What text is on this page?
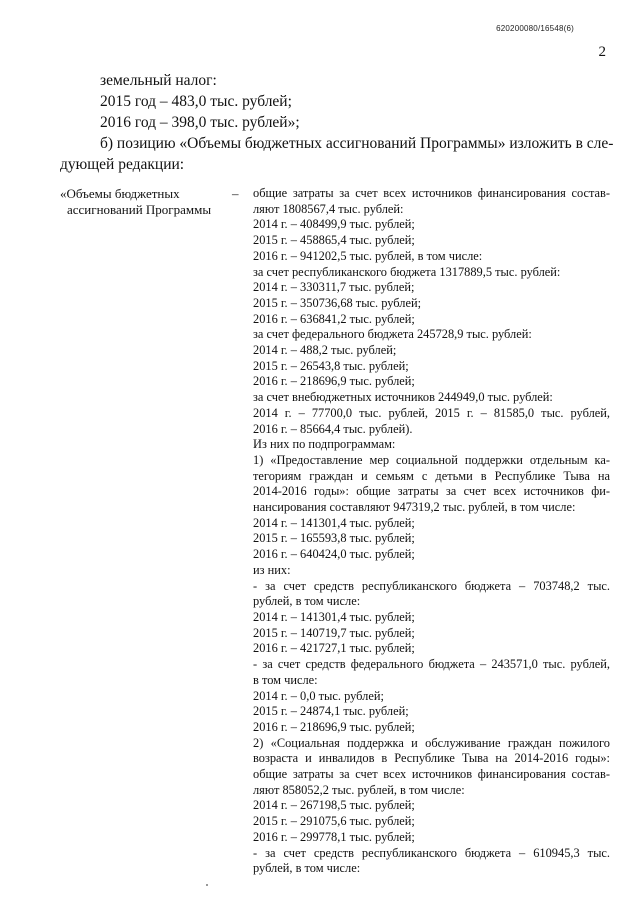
620200080/16548(6)
2
земельный налог:
2015 год – 483,0 тыс. рублей;
2016 год – 398,0 тыс. рублей»;
б) позицию «Объемы бюджетных ассигнований Программы» изложить в сле-
дующей редакции:
«Объемы бюджетных
ассигнований Программы
– общие затраты за счет всех источников финансирования состав-
ляют 1808567,4 тыс. рублей:
2014 г. – 408499,9 тыс. рублей;
2015 г. – 458865,4 тыс. рублей;
2016 г. – 941202,5 тыс. рублей, в том числе:
за счет республиканского бюджета 1317889,5 тыс. рублей:
2014 г. – 330311,7 тыс. рублей;
2015 г. – 350736,68 тыс. рублей;
2016 г. – 636841,2 тыс. рублей;
за счет федерального бюджета 245728,9 тыс. рублей:
2014 г. – 488,2 тыс. рублей;
2015 г. – 26543,8 тыс. рублей;
2016 г. – 218696,9 тыс. рублей;
за счет внебюджетных источников 244949,0 тыс. рублей:
2014 г. – 77700,0 тыс. рублей, 2015 г. – 81585,0 тыс. рублей,
2016 г. – 85664,4 тыс. рублей).
Из них по подпрограммам:
1) «Предоставление мер социальной поддержки отдельным ка-
тегориям граждан и семьям с детьми в Республике Тыва на
2014-2016 годы»: общие затраты за счет всех источников фи-
нансирования составляют 947319,2 тыс. рублей, в том числе:
2014 г. – 141301,4 тыс. рублей;
2015 г. – 165593,8 тыс. рублей;
2016 г. – 640424,0 тыс. рублей;
из них:
- за счет средств республиканского бюджета – 703748,2 тыс.
рублей, в том числе:
2014 г. – 141301,4 тыс. рублей;
2015 г. – 140719,7 тыс. рублей;
2016 г. – 421727,1 тыс. рублей;
- за счет средств федерального бюджета – 243571,0 тыс. рублей,
в том числе:
2014 г. – 0,0 тыс. рублей;
2015 г. – 24874,1 тыс. рублей;
2016 г. – 218696,9 тыс. рублей;
2) «Социальная поддержка и обслуживание граждан пожилого
возраста и инвалидов в Республике Тыва на 2014-2016 годы»:
общие затраты за счет всех источников финансирования состав-
ляют 858052,2 тыс. рублей, в том числе:
2014 г. – 267198,5 тыс. рублей;
2015 г. – 291075,6 тыс. рублей;
2016 г. – 299778,1 тыс. рублей;
- за счет средств республиканского бюджета – 610945,3 тыс.
рублей, в том числе:
